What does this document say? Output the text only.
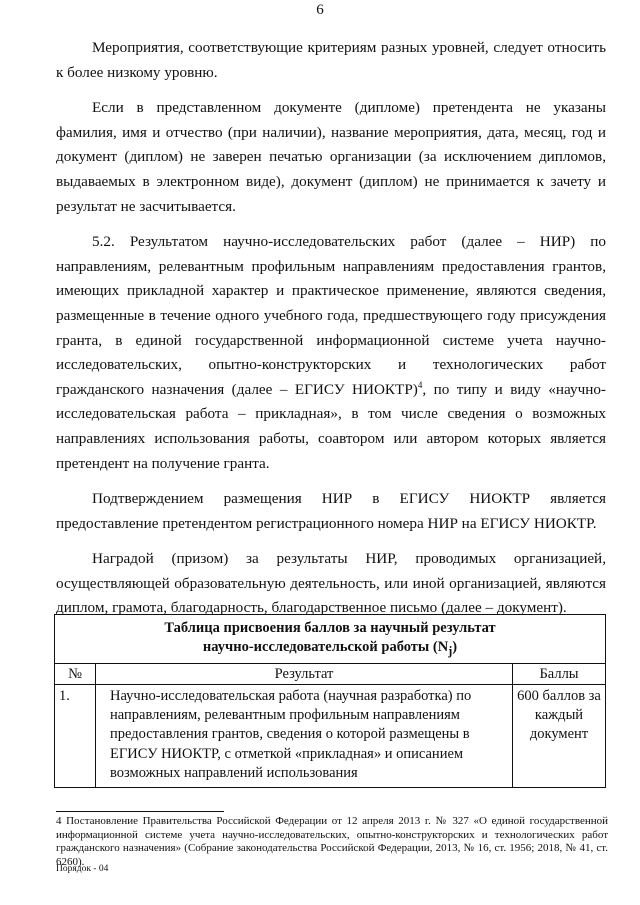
6

Мероприятия, соответствующие критериям разных уровней, следует относить к более низкому уровню.

Если в представленном документе (дипломе) претендента не указаны фамилия, имя и отчество (при наличии), название мероприятия, дата, месяц, год и документ (диплом) не заверен печатью организации (за исключением дипломов, выдаваемых в электронном виде), документ (диплом) не принимается к зачету и результат не засчитывается.

5.2. Результатом научно-исследовательских работ (далее – НИР) по направлениям, релевантным профильным направлениям предоставления грантов, имеющих прикладной характер и практическое применение, являются сведения, размещенные в течение одного учебного года, предшествующего году присуждения гранта, в единой государственной информационной системе учета научно-исследовательских, опытно-конструкторских и технологических работ гражданского назначения (далее – ЕГИСУ НИОКТР)$^4$, по типу и виду «научно-исследовательская работа – прикладная», в том числе сведения о возможных направлениях использования работы, соавтором или автором которых является претендент на получение гранта.

Подтверждением размещения НИР в ЕГИСУ НИОКТР является предоставление претендентом регистрационного номера НИР на ЕГИСУ НИОКТР.

Наградой (призом) за результаты НИР, проводимых организацией, осуществляющей образовательную деятельность, или иной организацией, являются диплом, грамота, благодарность, благодарственное письмо (далее – документ).

Таблица присвоения баллов за научный результат
научно-исследовательской работы $(N_j)$		
№	Результат	Баллы
1.	Научно-исследовательская работа (научная разработка) по направлениям, релевантным профильным направлениям предоставления грантов, сведения о которой размещены в ЕГИСУ НИОКТР, с отметкой «прикладная» и описанием возможных направлений использования	600 баллов за каждый документ
4 Постановление Правительства Российской Федерации от 12 апреля 2013 г. № 327 «О единой государственной информационной системе учета научно-исследовательских, опытно-конструкторских и технологических работ гражданского назначения» (Собрание законодательства Российской Федерации, 2013, № 16, ст. 1956; 2018, № 41, ст. 6260).
Порядок - 04
